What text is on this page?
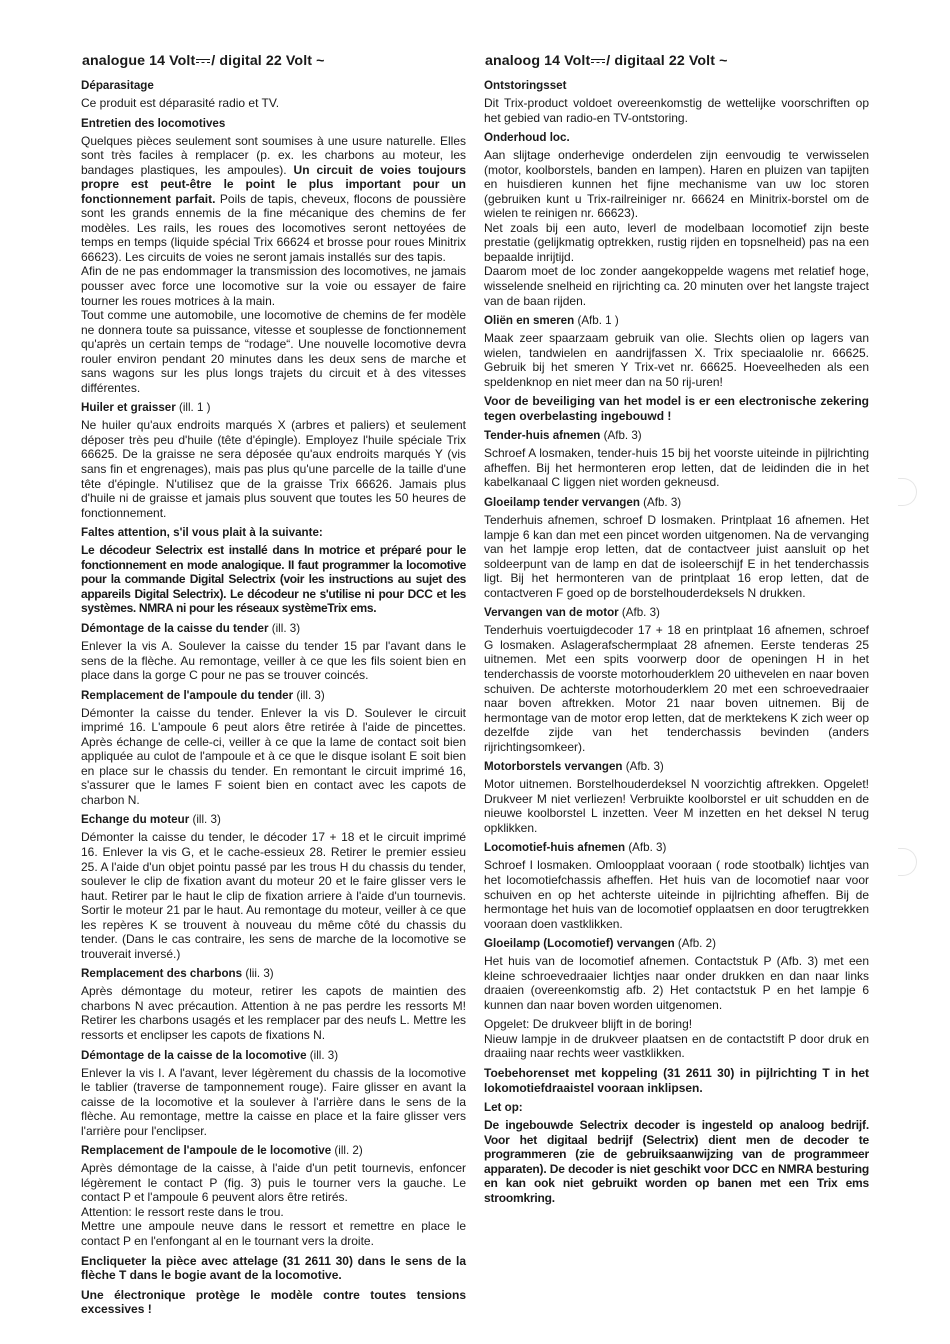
analogue 14 Volt / digital 22 Volt ~
Déparasitage

Ce produit est déparasité radio et TV.

Entretien des locomotives

Quelques pièces seulement sont soumises à une usure naturelle. Elles sont très faciles à remplacer (p. ex. les charbons au moteur, les bandages plastiques, les ampoules). Un circuit de voies toujours propre est peut-être le point le plus important pour un fonctionnement parfait. Poils de tapis, cheveux, flocons de poussière sont les grands ennemis de la fine mécanique des chemins de fer modèles. Les rails, les roues des locomotives seront nettoyées de temps en temps (liquide spécial Trix 66624 et brosse pour roues Minitrix 66623). Les circuits de voies ne seront jamais installés sur des tapis.

Afin de ne pas endommager la transmission des locomotives, ne jamais pousser avec force une locomotive sur la voie ou essayer de faire tourner les roues motrices à la main.

Tout comme une automobile, une locomotive de chemins de fer modèle ne donnera toute sa puissance, vitesse et souplesse de fonctionnement qu'après un certain temps de “rodage“. Une nouvelle locomotive devra rouler environ pendant 20 minutes dans les deux sens de marche et sans wagons sur les plus longs trajets du circuit et à des vitesses différentes.

Huiler et graisser (ill. 1 )

Ne huiler qu'aux endroits marqués X (arbres et paliers) et seulement déposer très peu d'huile (tête d'épingle). Employez l'huile spéciale Trix 66625. De la graisse ne sera déposée qu'aux endroits marqués Y (vis sans fin et engrenages), mais pas plus qu'une parcelle de la taille d'une tête d'épingle. N'utilisez que de la graisse Trix 66626. Jamais plus d'huile ni de graisse et jamais plus souvent que toutes les 50 heures de fonctionnement.

Faltes attention, s'il vous plait à la suivante:

Le décodeur Selectrix est installé dans In motrice et préparé pour le fonctionnement en mode analogique. II faut programmer la locomotive pour la commande Digital Selectrix (voir les instructions au sujet des appareils Digital Selectrix). Le décodeur ne s'utilise ni pour DCC et les systèmes. NMRA ni pour les réseaux systèmeTrix ems.

Démontage de la caisse du tender (ill. 3)

Enlever la vis A. Soulever la caisse du tender 15 par l'avant dans le sens de la flèche. Au remontage, veiller à ce que les fils soient bien en place dans la gorge C pour ne pas se trouver coincés.

Remplacement de l'ampoule du tender (ill. 3)

Démonter la caisse du tender. Enlever la vis D. Soulever le circuit imprimé 16. L'ampoule 6 peut alors être retirée à l'aide de pincettes. Après échange de celle-ci, veiller à ce que la lame de contact soit bien appliquée au culot de l'ampoule et à ce que le disque isolant E soit bien en place sur le chassis du tender. En remontant le circuit imprimé 16, s'assurer que le lames F soient bien en contact avec les capots de charbon N.

Echange du moteur (ill. 3)

Démonter la caisse du tender, le décoder 17 + 18 et le circuit imprimé 16. Enlever la vis G, et le cache-essieux 28. Retirer le premier essieu 25. A l'aide d'un objet pointu passé par les trous H du chassis du tender, soulever le clip de fixation avant du moteur 20 et le faire glisser vers le haut. Retirer par le haut le clip de fixation arriere à l'aide d'un tournevis. Sortir le moteur 21 par le haut. Au remontage du moteur, veiller à ce que les repères K se trouvent à nouveau du même côté du chassis du tender. (Dans le cas contraire, les sens de marche de la locomotive se trouverait inversé.)

Remplacement des charbons (lii. 3)

Après démontage du moteur, retirer les capots de maintien des charbons N avec précaution. Attention à ne pas perdre les ressorts M! Retirer les charbons usagés et les remplacer par des neufs L. Mettre les ressorts et enclipser les capots de fixations N.

Démontage de la caisse de la locomotive (ill. 3)

Enlever la vis I. A l'avant, lever légèrement du chassis de la locomotive le tablier (traverse de tamponnement rouge). Faire glisser en avant la caisse de la locomotive et la soulever à l'arrière dans le sens de la flèche. Au remontage, mettre la caisse en place et la faire glisser vers l'arrière pour l'enclipser.

Remplacement de l'ampoule de le locomotive (ill. 2)

Après démontage de la caisse, à l'aide d'un petit tournevis, enfoncer légèrement le contact P (fig. 3) puis le tourner vers la gauche. Le contact P et l'ampoule 6 peuvent alors être retirés.

Attention: le ressort reste dans le trou.

Mettre une ampoule neuve dans le ressort et remettre en place le contact P en l'enfongant al en le tournant vers la droite.

Encliqueter la pièce avec attelage (31 2611 30) dans le sens de la flèche T dans le bogie avant de la locomotive.

Une électronique protège le modèle contre toutes tensions excessives !

analoog 14 Volt / digitaal 22 Volt ~
Ontstoringsset

Dit Trix-product voldoet overeenkomstig de wettelijke voorschriften op het gebied van radio-en TV-ontstoring.

Onderhoud loc.

Aan slijtage onderhevige onderdelen zijn eenvoudig te verwisselen (motor, koolborstels, banden en lampen). Haren en pluizen van tapijten en huisdieren kunnen het fijne mechanisme van uw loc storen (gebruiken kunt u Trix-railreiniger nr. 66624 en Minitrix-borstel om de wielen te reinigen nr. 66623).

Net zoals bij een auto, leverl de modelbaan locomotief zijn beste prestatie (gelijkmatig optrekken, rustig rijden en topsnelheid) pas na een bepaalde inrijtijd.

Daarom moet de loc zonder aangekoppelde wagens met relatief hoge, wisselende snelheid en rijrichting ca. 20 minuten over het langste traject van de baan rijden.

Oliën en smeren (Afb. 1 )

Maak zeer spaarzaam gebruik van olie. Slechts olien op lagers van wielen, tandwielen en aandrijfassen X. Trix speciaalolie nr. 66625. Gebruik bij het smeren Y Trix-vet nr. 66625. Hoeveelheden als een speldenknop en niet meer dan na 50 rij-uren!

Voor de beveiliging van het model is er een electronische zekering tegen overbelasting ingebouwd !

Tender-huis afnemen (Afb. 3)

Schroef A losmaken, tender-huis 15 bij het voorste uiteinde in pijlrichting afheffen. Bij het hermonteren erop letten, dat de leidinden die in het kabelkanaal C liggen niet worden gekneusd.

Gloeilamp tender vervangen (Afb. 3)

Tenderhuis afnemen, schroef D losmaken. Printplaat 16 afnemen. Het lampje 6 kan dan met een pincet worden uitgenomen. Na de vervanging van het lampje erop letten, dat de contactveer juist aansluit op het soldeerpunt van de lamp en dat de isoleerschijf E in het tenderchassis ligt. Bij het hermonteren van de printplaat 16 erop letten, dat de contactveren F goed op de borstelhouderdeksels N drukken.

Vervangen van de motor (Afb. 3)

Tenderhuis voertuigdecoder 17 + 18 en printplaat 16 afnemen, schroef G losmaken. Aslagerafschermplaat 28 afnemen. Eerste tenderas 25 uitnemen. Met een spits voorwerp door de openingen H in het tenderchassis de voorste motorhouderklem 20 uithevelen en naar boven schuiven. De achterste motorhouderklem 20 met een schroevedraaier naar boven aftrekken. Motor 21 naar boven uitnemen. Bij de hermontage van de motor erop letten, dat de merktekens K zich weer op dezelfde zijde van het tenderchassis bevinden (anders rijrichtingsomkeer).

Motorborstels vervangen (Afb. 3)

Motor uitnemen. Borstelhouderdeksel N voorzichtig aftrekken. Opgelet! Drukveer M niet verliezen! Verbruikte koolborstel er uit schudden en de nieuwe koolborstel L inzetten. Veer M inzetten en het deksel N terug opklikken.

Locomotief-huis afnemen (Afb. 3)

Schroef I losmaken. Omloopplaat vooraan ( rode stootbalk) lichtjes van het locomotiefchassis afheffen. Het huis van de locomotief naar voor schuiven en op het achterste uiteinde in pijlrichting afheffen. Bij de hermontage het huis van de locomotief opplaatsen en door terugtrekken vooraan doen vastklikken.

Gloeilamp (Locomotief) vervangen (Afb. 2)

Het huis van de locomotief afnemen. Contactstuk P (Afb. 3) met een kleine schroevedraaier lichtjes naar onder drukken en dan naar links draaien (overeenkomstig afb. 2) Het contactstuk P en het lampje 6 kunnen dan naar boven worden uitgenomen.

Opgelet: De drukveer blijft in de boring!

Nieuw lampje in de drukveer plaatsen en de contactstift P door druk en draaiing naar rechts weer vastklikken.

Toebehorenset met koppeling (31 2611 30) in pijlrichting T in het lokomotiefdraaistel vooraan inklipsen.

Let op:

De ingebouwde Selectrix decoder is ingesteld op analoog bedrijf. Voor het digitaal bedrijf (Selectrix) dient men de decoder te programmeren (zie de gebruiksaanwijzing van de programmeer apparaten). De decoder is niet geschikt voor DCC en NMRA besturing en kan ook niet gebruikt worden op banen met een Trix ems stroomkring.
